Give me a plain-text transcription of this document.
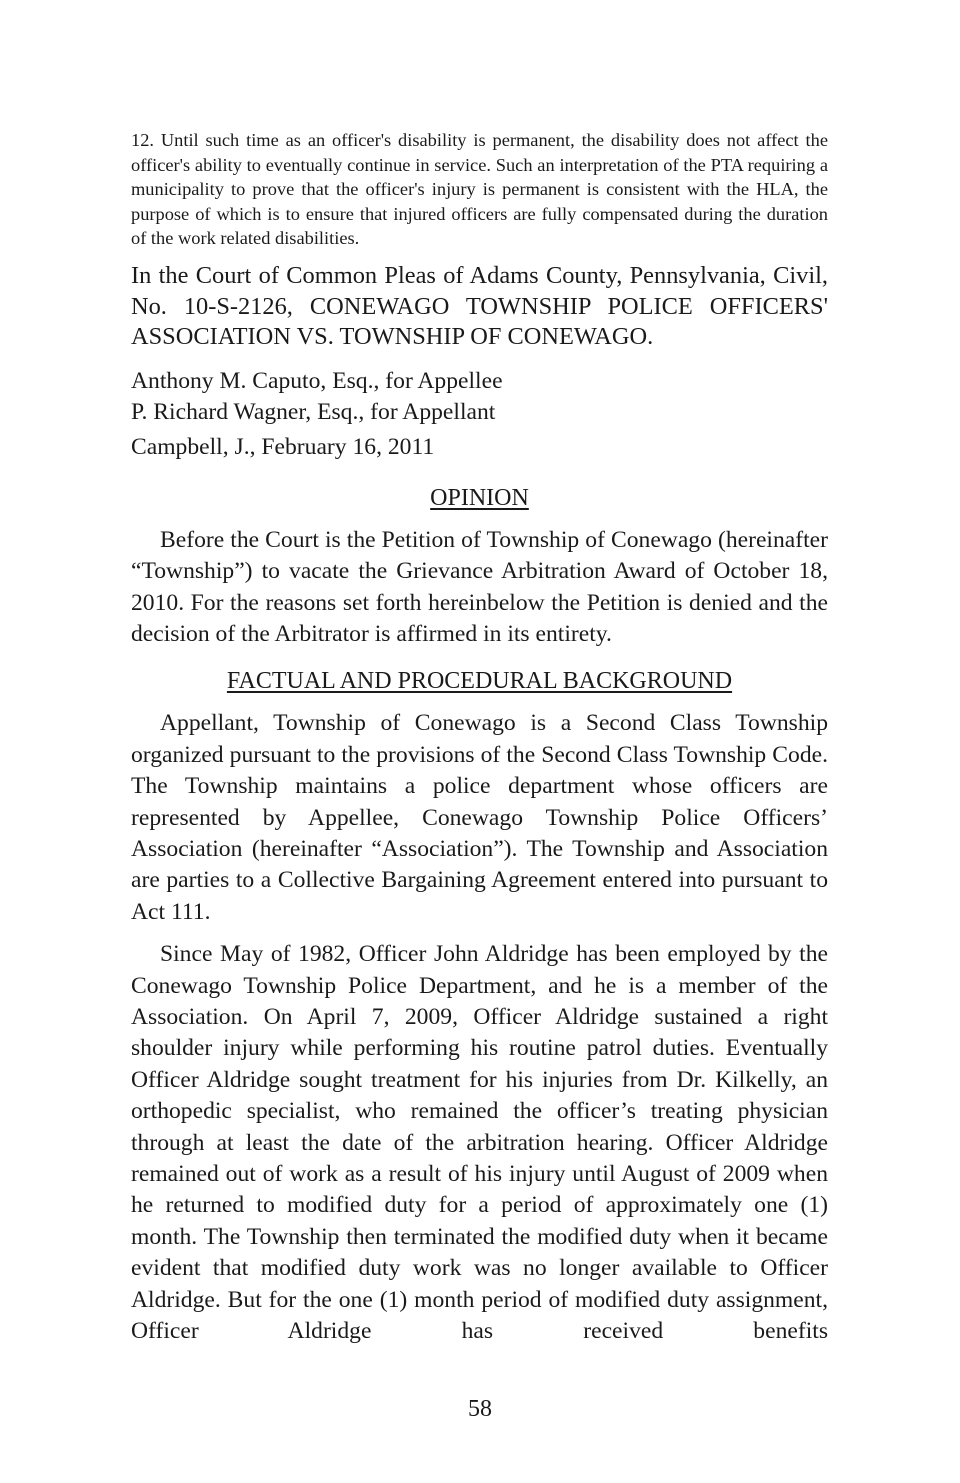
12. Until such time as an officer's disability is permanent, the disability does not affect the officer's ability to eventually continue in service. Such an interpretation of the PTA requiring a municipality to prove that the officer's injury is permanent is consistent with the HLA, the purpose of which is to ensure that injured officers are fully compensated during the duration of the work related disabilities.

In the Court of Common Pleas of Adams County, Pennsylvania, Civil, No. 10-S-2126, CONEWAGO TOWNSHIP POLICE OFFICERS' ASSOCIATION VS. TOWNSHIP OF CONEWAGO.

Anthony M. Caputo, Esq., for Appellee
P. Richard Wagner, Esq., for Appellant
Campbell, J., February 16, 2011
OPINION

Before the Court is the Petition of Township of Conewago (hereinafter “Township”) to vacate the Grievance Arbitration Award of October 18, 2010. For the reasons set forth hereinbelow the Petition is denied and the decision of the Arbitrator is affirmed in its entirety.

FACTUAL AND PROCEDURAL BACKGROUND

Appellant, Township of Conewago is a Second Class Township organized pursuant to the provisions of the Second Class Township Code. The Township maintains a police department whose officers are represented by Appellee, Conewago Township Police Officers’ Association (hereinafter “Association”). The Township and Association are parties to a Collective Bargaining Agreement entered into pursuant to Act 111.

Since May of 1982, Officer John Aldridge has been employed by the Conewago Township Police Department, and he is a member of the Association. On April 7, 2009, Officer Aldridge sustained a right shoulder injury while performing his routine patrol duties. Eventually Officer Aldridge sought treatment for his injuries from Dr. Kilkelly, an orthopedic specialist, who remained the officer’s treating physician through at least the date of the arbitration hearing. Officer Aldridge remained out of work as a result of his injury until August of 2009 when he returned to modified duty for a period of approximately one (1) month. The Township then terminated the modified duty when it became evident that modified duty work was no longer available to Officer Aldridge. But for the one (1) month period of modified duty assignment, Officer Aldridge has received benefits

58
